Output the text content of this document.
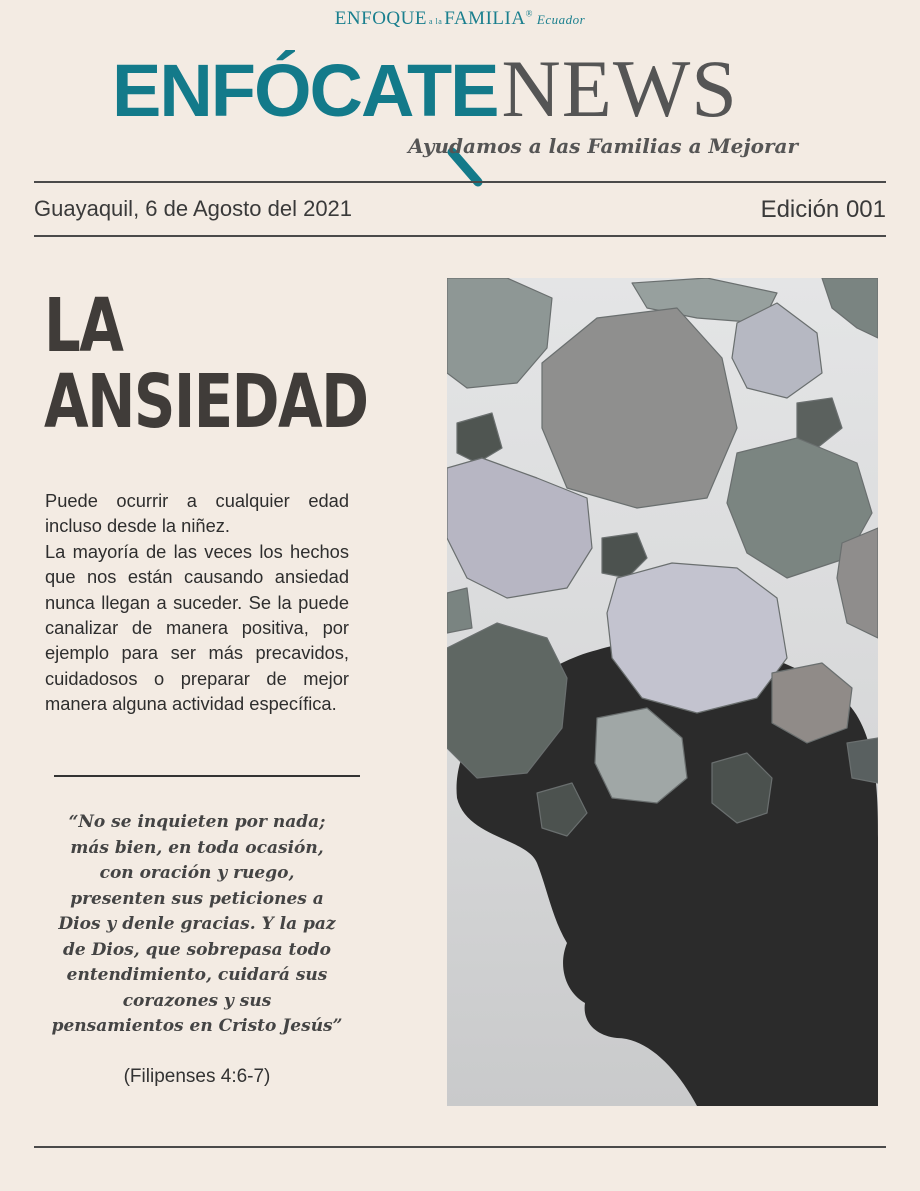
ENFOQUE a la FAMILIA® Ecuador
ENFÓCATENEWS
Ayudamos a las Familias a Mejorar
Guayaquil, 6 de Agosto del 2021	Edición 001
LA
ANSIEDAD

Puede ocurrir a cualquier edad incluso desde la niñez.

La mayoría de las veces los hechos que nos están causando ansiedad nunca llegan a suceder. Se la puede canalizar de manera positiva, por ejemplo para ser más precavidos, cuidadosos o preparar de mejor manera alguna actividad específica.

“No se inquieten por nada;
más bien, en toda ocasión,
con oración y ruego,
presenten sus peticiones a
Dios y denle gracias. Y la paz
de Dios, que sobrepasa todo
entendimiento, cuidará sus
corazones y sus
pensamientos en Cristo Jesús”
(Filipenses 4:6-7)
